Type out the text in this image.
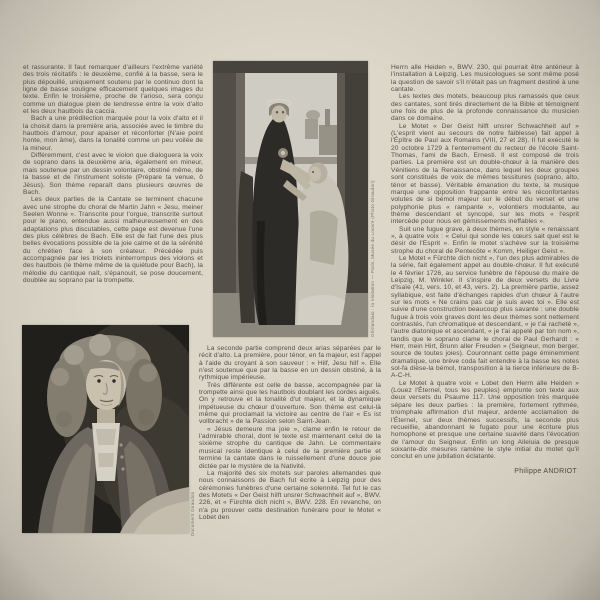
et rassurante. Il faut remarquer d'ailleurs l'extrême variété des trois récitatifs : le deuxième, confié à la basse, sera le plus dépouillé, uniquement soutenu par le continuo dont la ligne de basse souligne efficacement quelques images du texte. Enfin le troisième, proche de l'arioso, sera conçu comme un dialogue plein de tendresse entre la voix d'alto et les deux hautbois da caccia.

Bach a une prédilection marquée pour la voix d'alto et il la choisit dans la première aria, associée avec le timbre du hautbois d'amour, pour apaiser et réconforter (N'aie point honte, mon âme), dans la tonalité comme un peu voilée de la mineur.

Différemment, c'est avec le violon que dialoguera la voix de soprano dans la deuxième aria, également en mineur, mais soutenue par un dessin volontaire, obstiné même, de la basse et de l'instrument soliste (Prépare ta venue, ô Jésus). Son thème reparaît dans plusieurs œuvres de Bach.

Les deux parties de la Cantate se terminent chacune avec une strophe du choral de Martin Jahn « Jesu, meiner Seelen Wonne ». Transcrite pour l'orgue, transcrite surtout pour le piano, entendue aussi malheureusement en des adaptations plus discutables, cette page est devenue l'une des plus célèbres de Bach. Elle est de fait l'une des plus belles évocations possible de la joie calme et de la sérénité du chrétien face à son créateur. Précédée puis accompagnée par les triolets ininterrompus des violons et des hautbois (le thème même de la quiétude pour Bach), la mélodie du cantique naît, s'épanouit, se pose doucement, doublée au soprano par la trompette.	Ghirlandaio : la Visitation — Paris, Musée du Louvre (Photo Giraudon)

La seconde partie comprend deux arias séparées par le récit d'alto. La première, pour ténor, en fa majeur, est l'appel à l'aide du croyant à son sauveur : « Hilf, Jesu hilf ». Elle n'est soutenue que par la basse en un dessin obstiné, à la rythmique impérieuse.

Très différente est celle de basse, accompagnée par la trompette ainsi que les hautbois doublant les cordes aiguës. On y retrouve et la tonalité d'ut majeur, et la dynamique impétueuse du chœur d'ouverture. Son thème est celui-là même qui proclamait la victoire au centre de l'air « Es ist vollbracht » de la Passion selon Saint-Jean.

« Jésus demeure ma joie », clame enfin le retour de l'admirable choral, dont le texte est maintenant celui de la sixième strophe du cantique de Jahn. Le commentaire musical reste identique à celui de la première partie et termine la cantate dans le ruissellement d'une douce joie dictée par le mystère de la Nativité.

La majorité des six motets sur paroles allemandes que nous connaissons de Bach fut écrite à Leipzig pour des cérémonies funèbres d'une certaine solennité. Tel fut le cas des Motets « Der Geist hilft unsrer Schwachheit auf », BWV. 226, et « Fürchte dich nicht », BWV. 228. En revanche, on n'a pu prouver cette destination funéraire pour le Motet « Lobet den

Document Giraudon

Herrn alle Heiden », BWV. 230, qui pourrait être antérieur à l'installation à Leipzig. Les musicologues se sont même posé la question de savoir s'il n'était pas un fragment destiné à une cantate.

Les textes des motets, beaucoup plus ramassés que ceux des cantates, sont tirés directement de la Bible et témoignent une fois de plus de la profonde connaissance du musicien dans ce domaine.

Le Motet « Der Geist hilft unsrer Schwachheit auf » (L'esprit vient au secours de notre faiblesse) fait appel à l'Épître de Paul aux Romains (VIII, 27 et 28). Il fut exécuté le 20 octobre 1729 à l'enterrement du recteur de l'école Saint-Thomas, l'ami de Bach, Ernesti. Il est composé de trois parties. La première est un double-chœur à la manière des Vénitiens de la Renaissance, dans lequel les deux groupes sont constitués de voix de mêmes tessitures (soprano, alto, ténor et basse). Véritable émanation du texte, la musique marque une opposition frappante entre les réconfortantes volutes de si bémol majeur sur le début du verset et une polyphonie plus « rampante », volontiers modulante, au thème descendant et syncopé, sur les mots « l'esprit intercède pour nous en gémissements ineffables ».

Suit une fugue grave, à deux thèmes, en style « renaissant », à quatre voix : « Celui qui sonde les cœurs sait quel est le désir de l'Esprit ». Enfin le motet s'achève sur la troisième strophe du choral de Pentecôte « Komm, Heiliger Geist ».

Le Motet « Fürchte dich nicht », l'un des plus admirables de la série, fait également appel au double-chœur. Il fut exécuté le 4 février 1726, au service funèbre de l'épouse du maire de Leipzig, M. Winkler. Il s'inspire de deux versets du Livre d'Isaïe (41, vers. 10, et 43, vers. 2). La première partie, assez syllabique, est faite d'échanges rapides d'un chœur à l'autre sur les mots « Ne crains pas car je suis avec toi ». Elle est suivie d'une construction beaucoup plus savante : une double fugue à trois voix graves dont les deux thèmes sont nettement contrastés, l'un chromatique et descendant, « je t'ai racheté », l'autre diatonique et ascendant, « je t'ai appelé par ton nom », tandis que le soprano clame le choral de Paul Gerhardt : « Herr, mein Hirt, Brunn aller Freuden » (Seigneur, mon berger, source de toutes joies). Couronnant cette page éminemment dramatique, une brève coda fait entendre à la basse les notes sol-fa dièse-la bémol, transposition à la tierce inférieure de B-A-C-H.

Le Motet à quatre voix « Lobet den Herrn alle Heiden » (Louez l'Éternel, tous les peuples) emprunte son texte aux deux versets du Psaume 117. Une opposition très marquée sépare les deux parties : la première, fortement rythmée, triomphale affirmation d'ut majeur, ardente acclamation de l'Éternel, sur deux thèmes successifs, la seconde plus recueillie, abandonnant le fugato pour une écriture plus homophone et presque une certaine suavité dans l'évocation de l'amour du Seigneur. Enfin un long Alleluia de presque soixante-dix mesures ramène le style initial du motet qu'il conclut en une jubilation éclatante.

Philippe ANDRIOT
